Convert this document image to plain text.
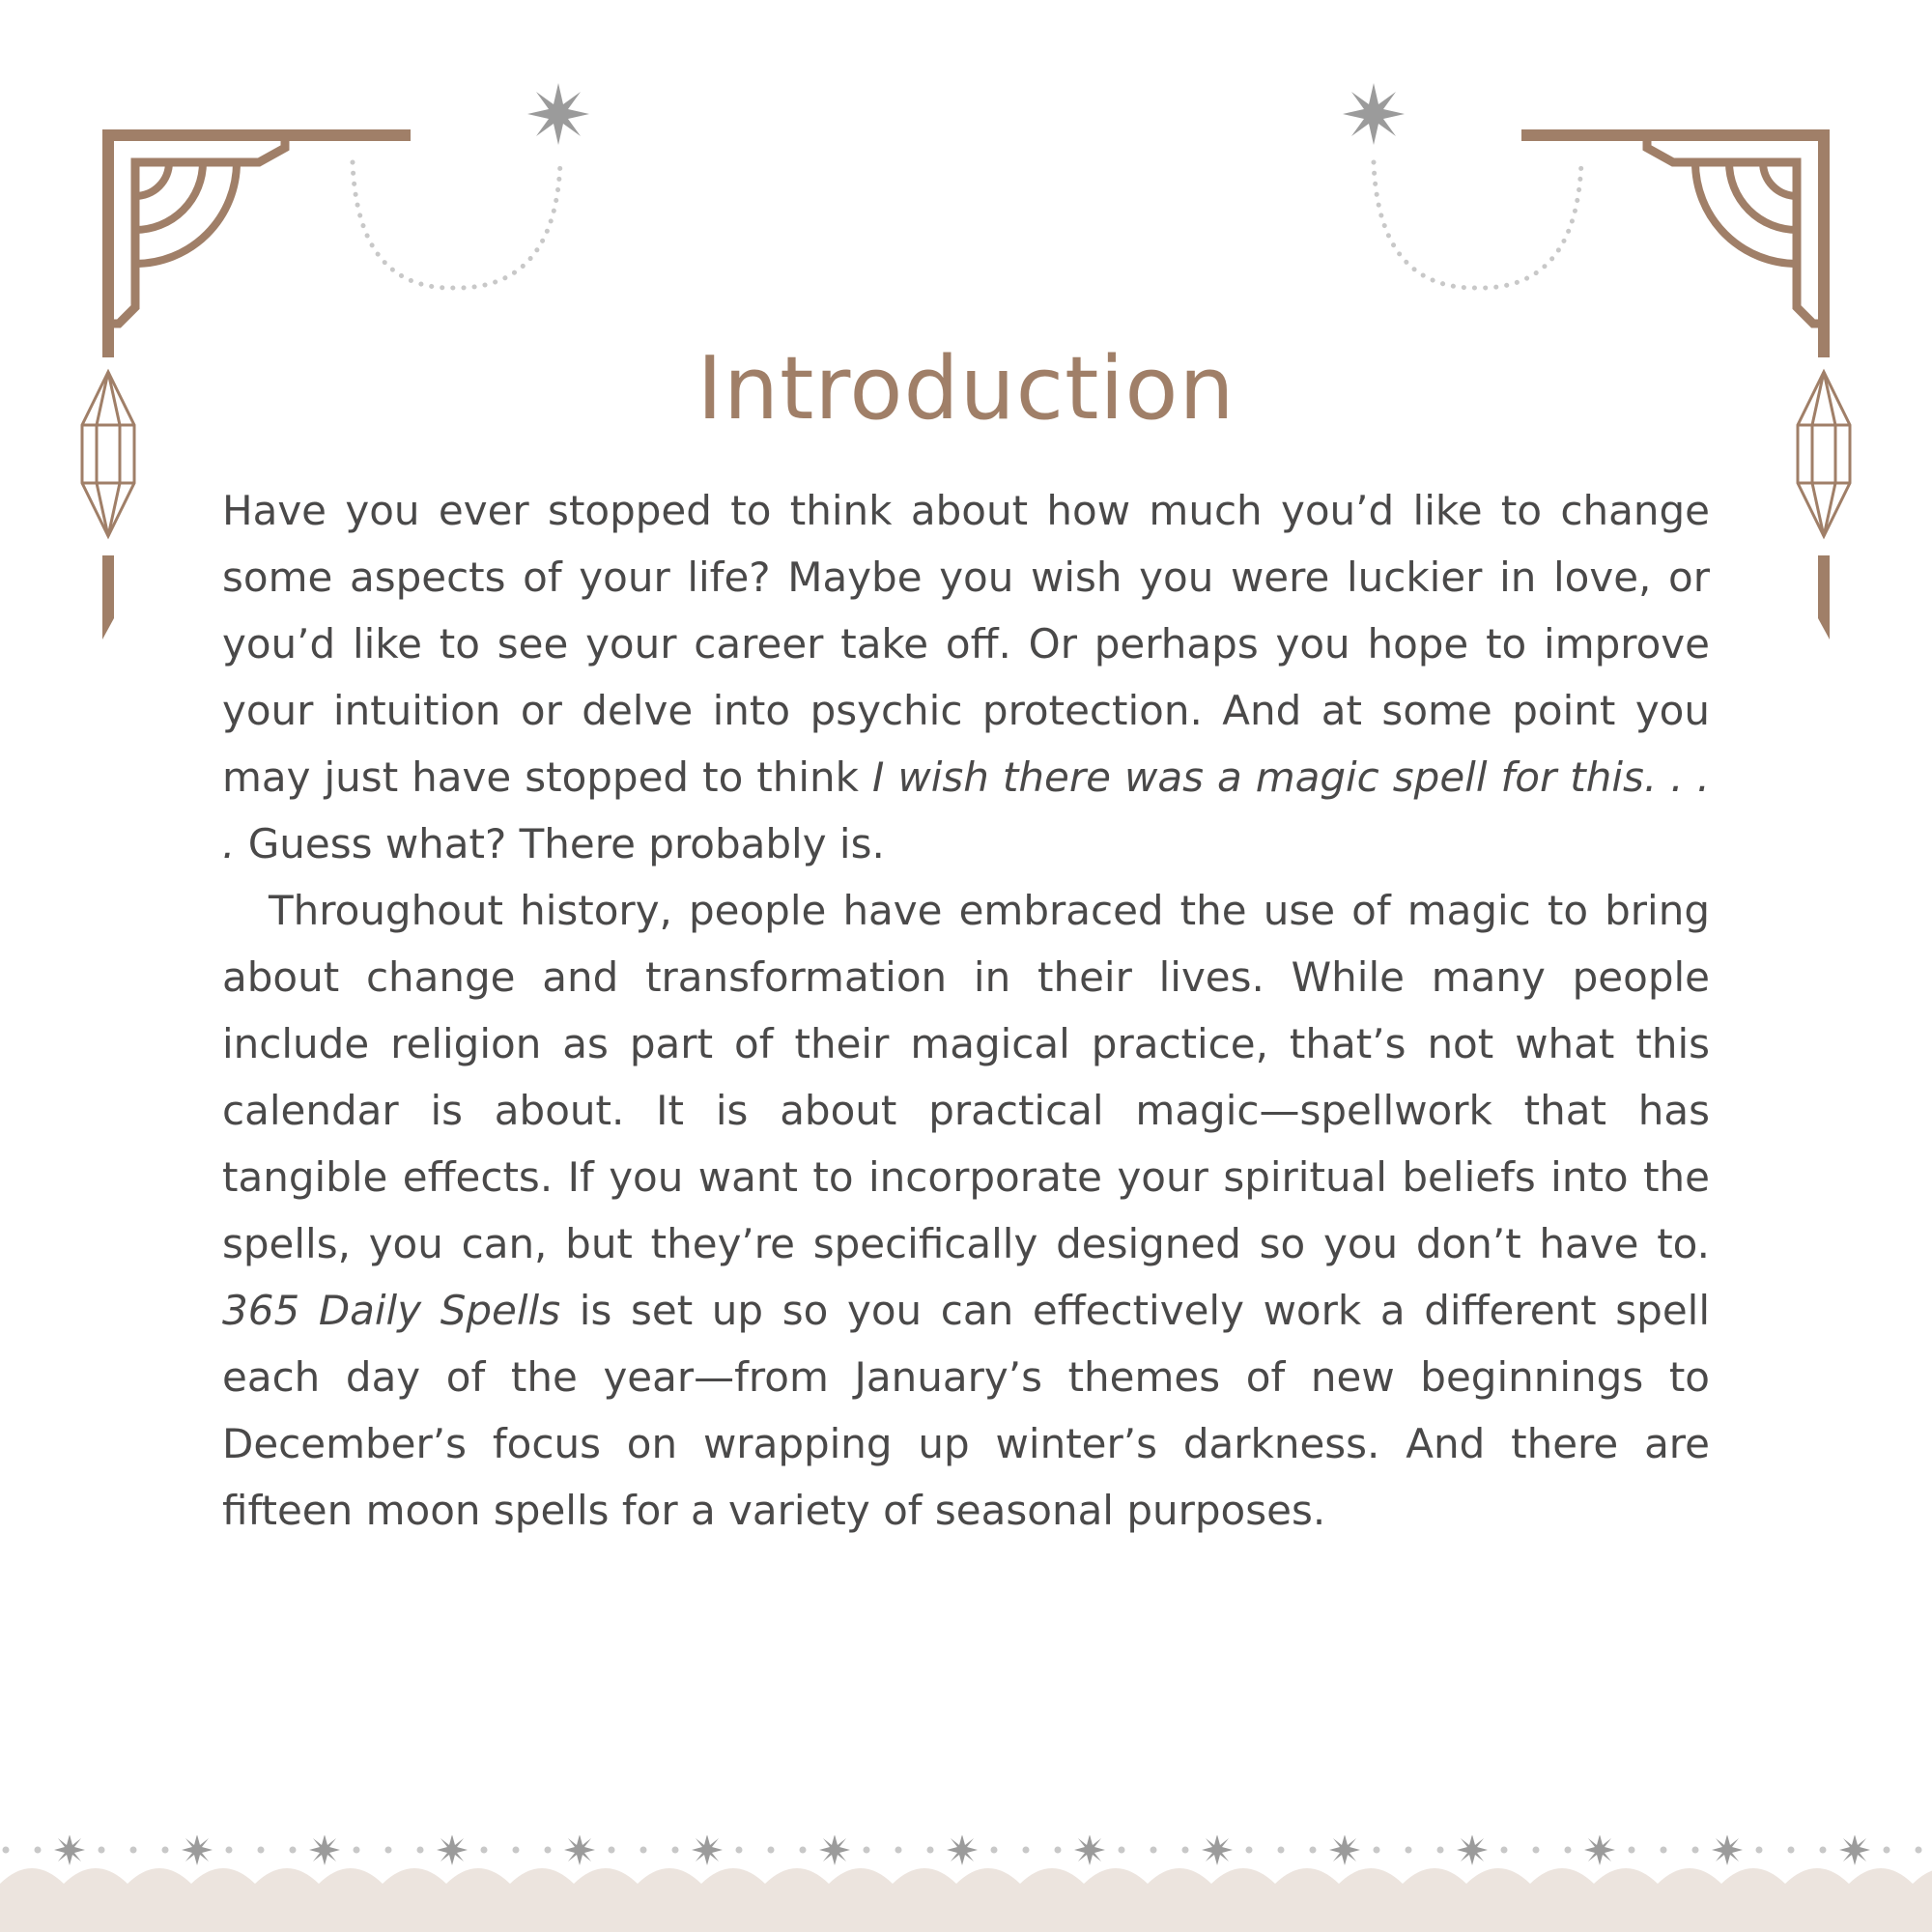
Introduction

Have you ever stopped to think about how much you’d like to change some aspects of your life? Maybe you wish you were luckier in love, or you’d like to see your career take off. Or perhaps you hope to improve your intuition or delve into psychic protection. And at some point you may just have stopped to think I wish there was a magic spell for this. . . . Guess what? There probably is.

Throughout history, people have embraced the use of magic to bring about change and transformation in their lives. While many people include religion as part of their magical practice, that’s not what this calendar is about. It is about practical magic—spellwork that has tangible effects. If you want to incorporate your spiritual beliefs into the spells, you can, but they’re specifically designed so you don’t have to. 365 Daily Spells is set up so you can effectively work a different spell each day of the year—from January’s themes of new beginnings to December’s focus on wrapping up winter’s darkness. And there are fifteen moon spells for a variety of seasonal purposes.
